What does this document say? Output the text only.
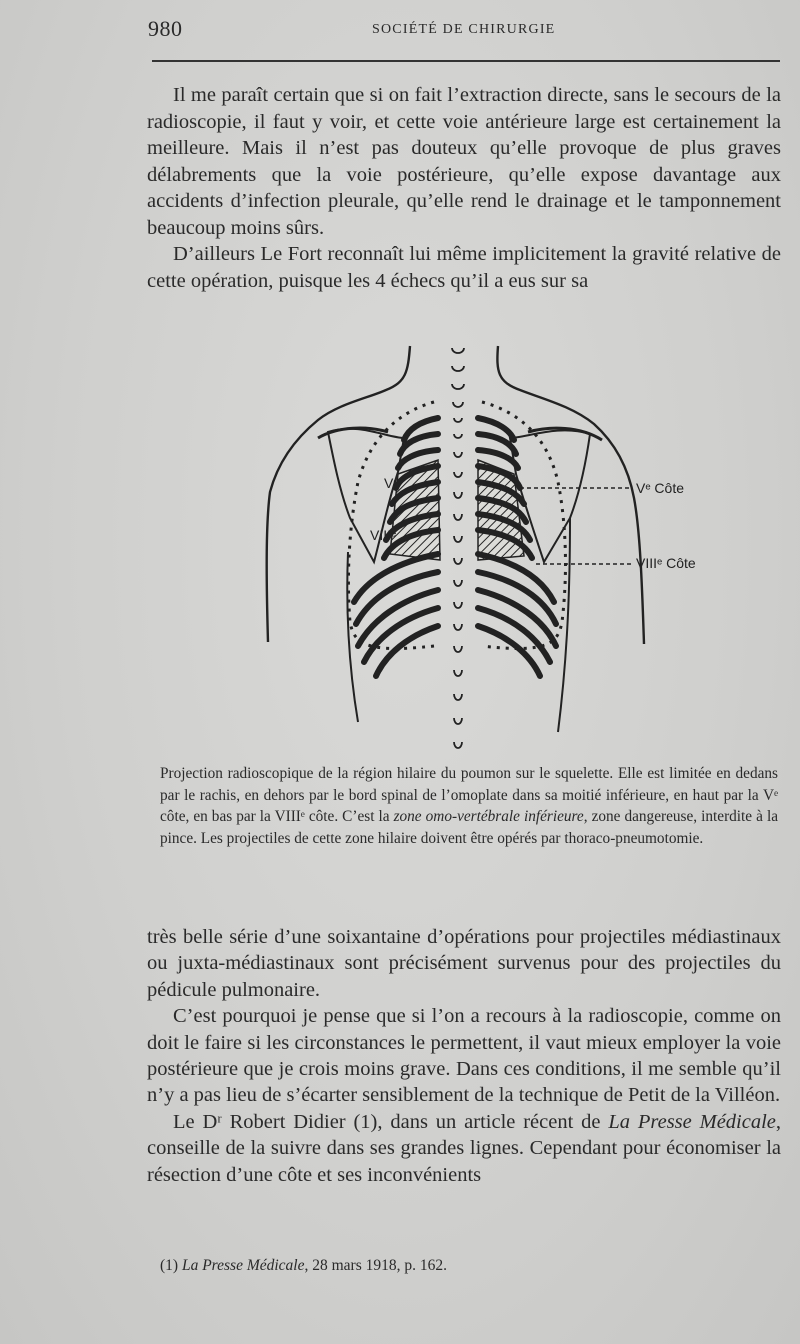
980	SOCIÉTÉ DE CHIRURGIE

Il me paraît certain que si on fait l’extraction directe, sans le secours de la radioscopie, il faut y voir, et cette voie antérieure large est certainement la meilleure. Mais il n’est pas douteux qu’elle provoque de plus graves délabrements que la voie postérieure, qu’elle expose davantage aux accidents d’infection pleurale, qu’elle rend le drainage et le tamponnement beaucoup moins sûrs.

D’ailleurs Le Fort reconnaît lui même implicitement la gravité relative de cette opération, puisque les 4 échecs qu’il a eus sur sa

Vᵉ
VIIIᵉ
Vᵉ Côte
VIIIᵉ Côte

Projection radioscopique de la région hilaire du poumon sur le squelette. Elle est limitée en dedans par le rachis, en dehors par le bord spinal de l’omoplate dans sa moitié inférieure, en haut par la Vᵉ côte, en bas par la VIIIᵉ côte. C’est la zone omo-vertébrale inférieure, zone dangereuse, interdite à la pince. Les projectiles de cette zone hilaire doivent être opérés par thoraco-pneumotomie.

très belle série d’une soixantaine d’opérations pour projectiles médiastinaux ou juxta-médiastinaux sont précisément survenus pour des projectiles du pédicule pulmonaire.

C’est pourquoi je pense que si l’on a recours à la radioscopie, comme on doit le faire si les circonstances le permettent, il vaut mieux employer la voie postérieure que je crois moins grave. Dans ces conditions, il me semble qu’il n’y a pas lieu de s’écarter sensiblement de la technique de Petit de la Villéon.

Le Dʳ Robert Didier (1), dans un article récent de La Presse Médicale, conseille de la suivre dans ses grandes lignes. Cependant pour économiser la résection d’une côte et ses inconvénients

(1) La Presse Médicale, 28 mars 1918, p. 162.
